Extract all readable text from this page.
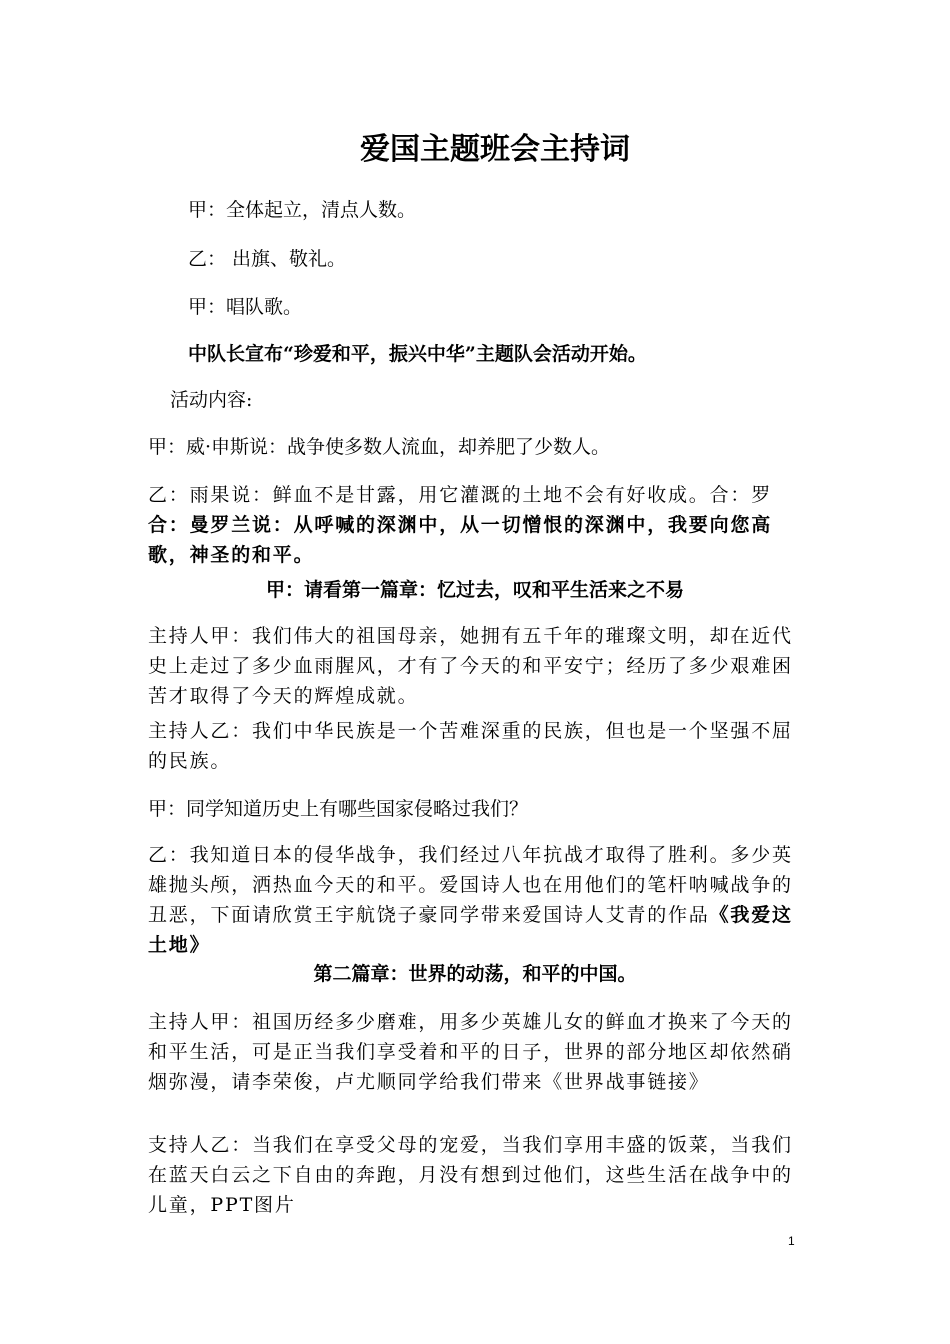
爱国主题班会主持词
甲：全体起立，清点人数。
乙： 出旗、敬礼。
甲：唱队歌。
中队长宣布“珍爱和平，振兴中华”主题队会活动开始。
活动内容:
甲：威·申斯说：战争使多数人流血，却养肥了少数人。
乙：雨果说：鲜血不是甘露，用它灌溉的土地不会有好收成。合：罗合：曼罗兰说：从呼喊的深渊中，从一切憎恨的深渊中，我要向您高歌，神圣的和平。
甲：请看第一篇章：忆过去，叹和平生活来之不易
主持人甲：我们伟大的祖国母亲，她拥有五千年的璀璨文明，却在近代史上走过了多少血雨腥风，才有了今天的和平安宁；经历了多少艰难困苦才取得了今天的辉煌成就。
主持人乙：我们中华民族是一个苦难深重的民族，但也是一个坚强不屈的民族。
甲：同学知道历史上有哪些国家侵略过我们？
乙：我知道日本的侵华战争，我们经过八年抗战才取得了胜利。多少英雄抛头颅，洒热血今天的和平。爱国诗人也在用他们的笔杆呐喊战争的丑恶，下面请欣赏王宇航饶子豪同学带来爱国诗人艾青的作品《我爱这土地》
第二篇章：世界的动荡，和平的中国。
主持人甲：祖国历经多少磨难，用多少英雄儿女的鲜血才换来了今天的和平生活，可是正当我们享受着和平的日子，世界的部分地区却依然硝烟弥漫，请李荣俊，卢尤顺同学给我们带来《世界战事链接》
支持人乙：当我们在享受父母的宠爱，当我们享用丰盛的饭菜，当我们在蓝天白云之下自由的奔跑，月没有想到过他们，这些生活在战争中的儿童，PPT图片
1
